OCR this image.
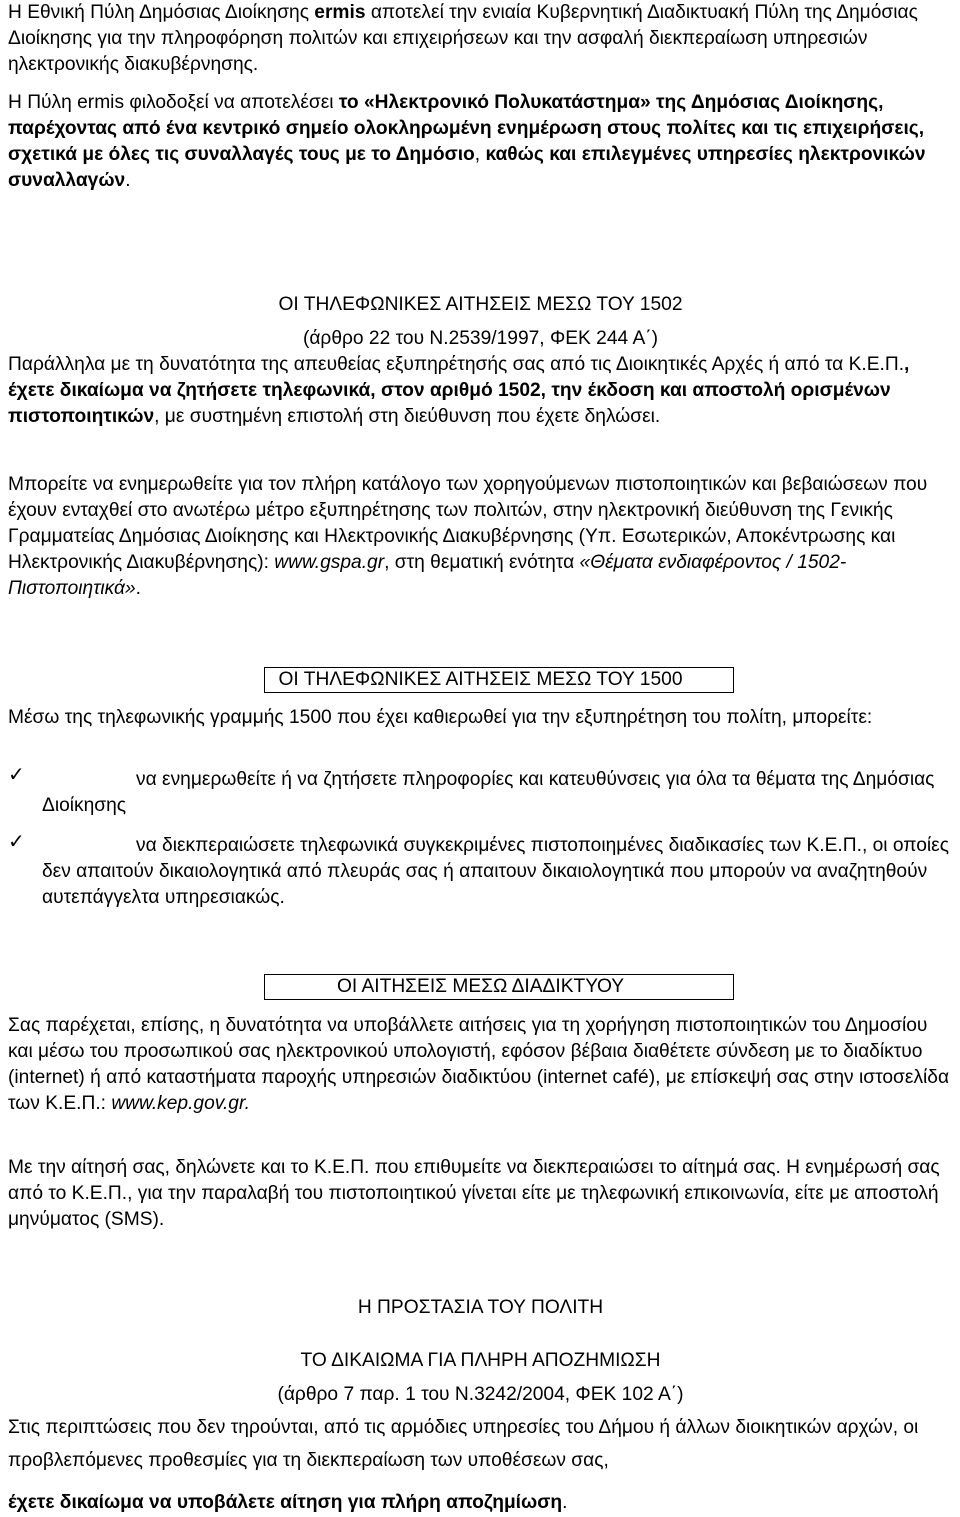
Η Εθνική Πύλη Δημόσιας Διοίκησης ermis αποτελεί την ενιαία Κυβερνητική Διαδικτυακή Πύλη της Δημόσιας Διοίκησης για την πληροφόρηση πολιτών και επιχειρήσεων και την ασφαλή διεκπεραίωση υπηρεσιών ηλεκτρονικής διακυβέρνησης.

Η Πύλη ermis φιλοδοξεί να αποτελέσει το «Ηλεκτρονικό Πολυκατάστημα» της Δημόσιας Διοίκησης, παρέχοντας από ένα κεντρικό σημείο ολοκληρωμένη ενημέρωση στους πολίτες και τις επιχειρήσεις, σχετικά με όλες τις συναλλαγές τους με το Δημόσιο, καθώς και επιλεγμένες υπηρεσίες ηλεκτρονικών συναλλαγών.

ΟΙ ΤΗΛΕΦΩΝΙΚΕΣ ΑΙΤΗΣΕΙΣ ΜΕΣΩ ΤΟΥ 1502

(άρθρο 22 του Ν.2539/1997, ΦΕΚ 244 Α΄)

Παράλληλα με τη δυνατότητα της απευθείας εξυπηρέτησής σας από τις Διοικητικές Αρχές ή από τα Κ.Ε.Π., έχετε δικαίωμα να ζητήσετε τηλεφωνικά, στον αριθμό 1502, την έκδοση και αποστολή ορισμένων πιστοποιητικών, με συστημένη επιστολή στη διεύθυνση που έχετε δηλώσει.

Μπορείτε να ενημερωθείτε για τον πλήρη κατάλογο των χορηγούμενων πιστοποιητικών και βεβαιώσεων που έχουν ενταχθεί στο ανωτέρω μέτρο εξυπηρέτησης των πολιτών, στην ηλεκτρονική διεύθυνση της Γενικής Γραμματείας Δημόσιας Διοίκησης και Ηλεκτρονικής Διακυβέρνησης (Υπ. Εσωτερικών, Αποκέντρωσης και Ηλεκτρονικής Διακυβέρνησης): www.gspa.gr, στη θεματική ενότητα «Θέματα ενδιαφέροντος / 1502-Πιστοποιητικά».

ΟΙ ΤΗΛΕΦΩΝΙΚΕΣ ΑΙΤΗΣΕΙΣ ΜΕΣΩ ΤΟΥ 1500

Μέσω της τηλεφωνικής γραμμής 1500 που έχει καθιερωθεί για την εξυπηρέτηση του πολίτη, μπορείτε:

✓	να ενημερωθείτε ή να ζητήσετε πληροφορίες και κατευθύνσεις για όλα τα θέματα της Δημόσιας Διοίκησης

✓	να διεκπεραιώσετε τηλεφωνικά συγκεκριμένες πιστοποιημένες διαδικασίες των Κ.Ε.Π., οι οποίες δεν απαιτούν δικαιολογητικά από πλευράς σας ή απαιτουν δικαιολογητικά που μπορούν να αναζητηθούν αυτεπάγγελτα υπηρεσιακώς.

ΟΙ ΑΙΤΗΣΕΙΣ ΜΕΣΩ ΔΙΑΔΙΚΤΥΟΥ

Σας παρέχεται, επίσης, η δυνατότητα να υποβάλλετε αιτήσεις για τη χορήγηση πιστοποιητικών του Δημοσίου και μέσω του προσωπικού σας ηλεκτρονικού υπολογιστή, εφόσον βέβαια διαθέτετε σύνδεση με το διαδίκτυο (internet) ή από καταστήματα παροχής υπηρεσιών διαδικτύου (internet café), με επίσκεψή σας στην ιστοσελίδα των Κ.Ε.Π.: www.kep.gov.gr.

Με την αίτησή σας, δηλώνετε και το Κ.Ε.Π. που επιθυμείτε να διεκπεραιώσει το αίτημά σας. Η ενημέρωσή σας από το Κ.Ε.Π., για την παραλαβή του πιστοποιητικού γίνεται είτε με τηλεφωνική επικοινωνία, είτε με αποστολή μηνύματος (SMS).

Η ΠΡΟΣΤΑΣΙΑ ΤΟΥ ΠΟΛΙΤΗ

ΤΟ ΔΙΚΑΙΩΜΑ ΓΙΑ ΠΛΗΡΗ ΑΠΟΖΗΜΙΩΣΗ

(άρθρο 7 παρ. 1 του Ν.3242/2004, ΦΕΚ 102 Α΄)

Στις περιπτώσεις που δεν τηρούνται, από τις αρμόδιες υπηρεσίες του Δήμου ή άλλων διοικητικών αρχών, οι προβλεπόμενες προθεσμίες για τη διεκπεραίωση των υποθέσεων σας,

έχετε δικαίωμα να υποβάλετε αίτηση για πλήρη αποζημίωση.
